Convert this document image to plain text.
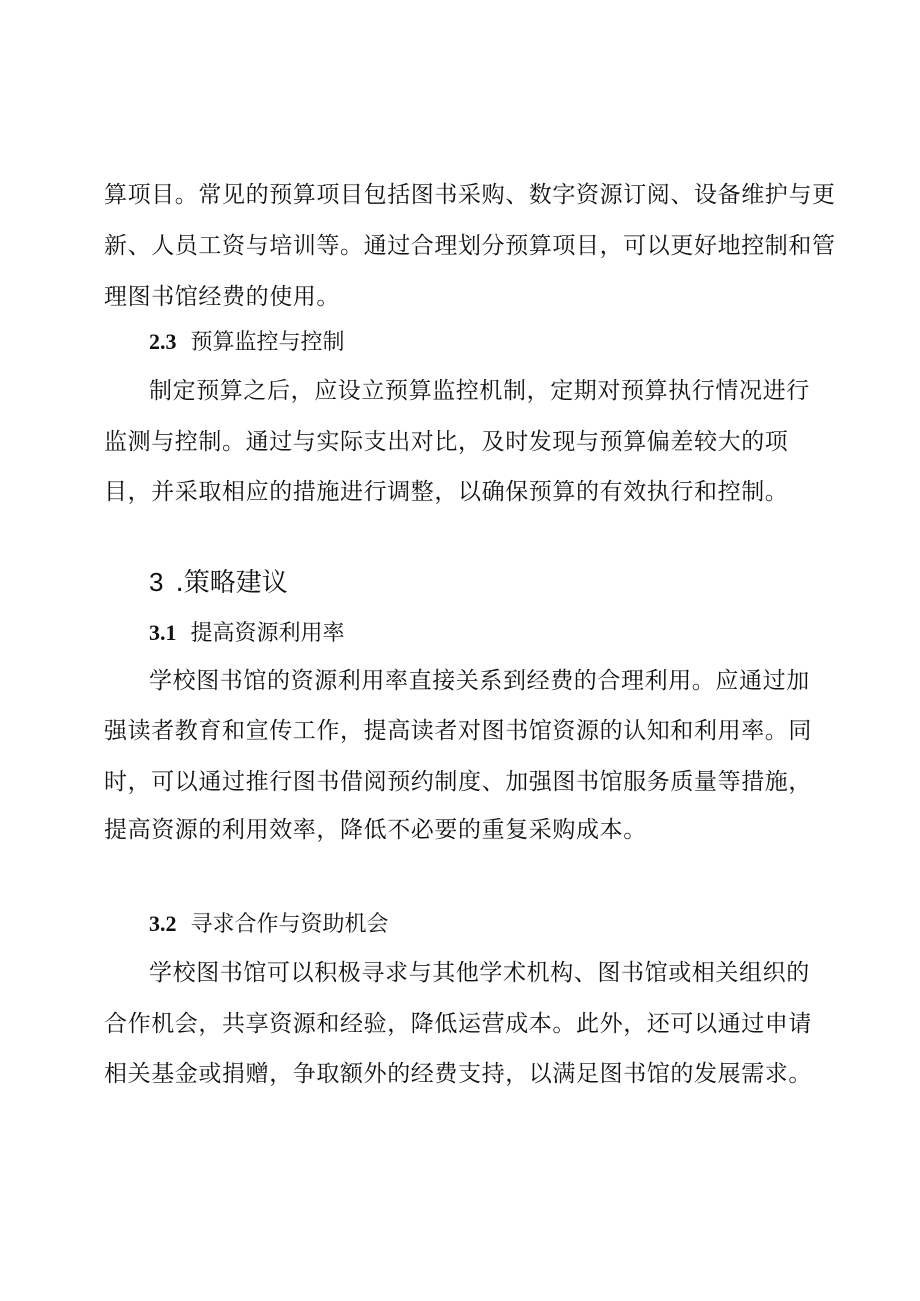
算项目。常见的预算项目包括图书采购、数字资源订阅、设备维护与更
新、人员工资与培训等。通过合理划分预算项目，可以更好地控制和管
理图书馆经费的使用。
2.3 预算监控与控制
制定预算之后，应设立预算监控机制，定期对预算执行情况进行
监测与控制。通过与实际支出对比，及时发现与预算偏差较大的项
目，并采取相应的措施进行调整，以确保预算的有效执行和控制。
3 .策略建议
3.1 提高资源利用率
学校图书馆的资源利用率直接关系到经费的合理利用。应通过加
强读者教育和宣传工作，提高读者对图书馆资源的认知和利用率。同
时，可以通过推行图书借阅预约制度、加强图书馆服务质量等措施，
提高资源的利用效率，降低不必要的重复采购成本。
3.2 寻求合作与资助机会
学校图书馆可以积极寻求与其他学术机构、图书馆或相关组织的
合作机会，共享资源和经验，降低运营成本。此外，还可以通过申请
相关基金或捐赠，争取额外的经费支持，以满足图书馆的发展需求。
